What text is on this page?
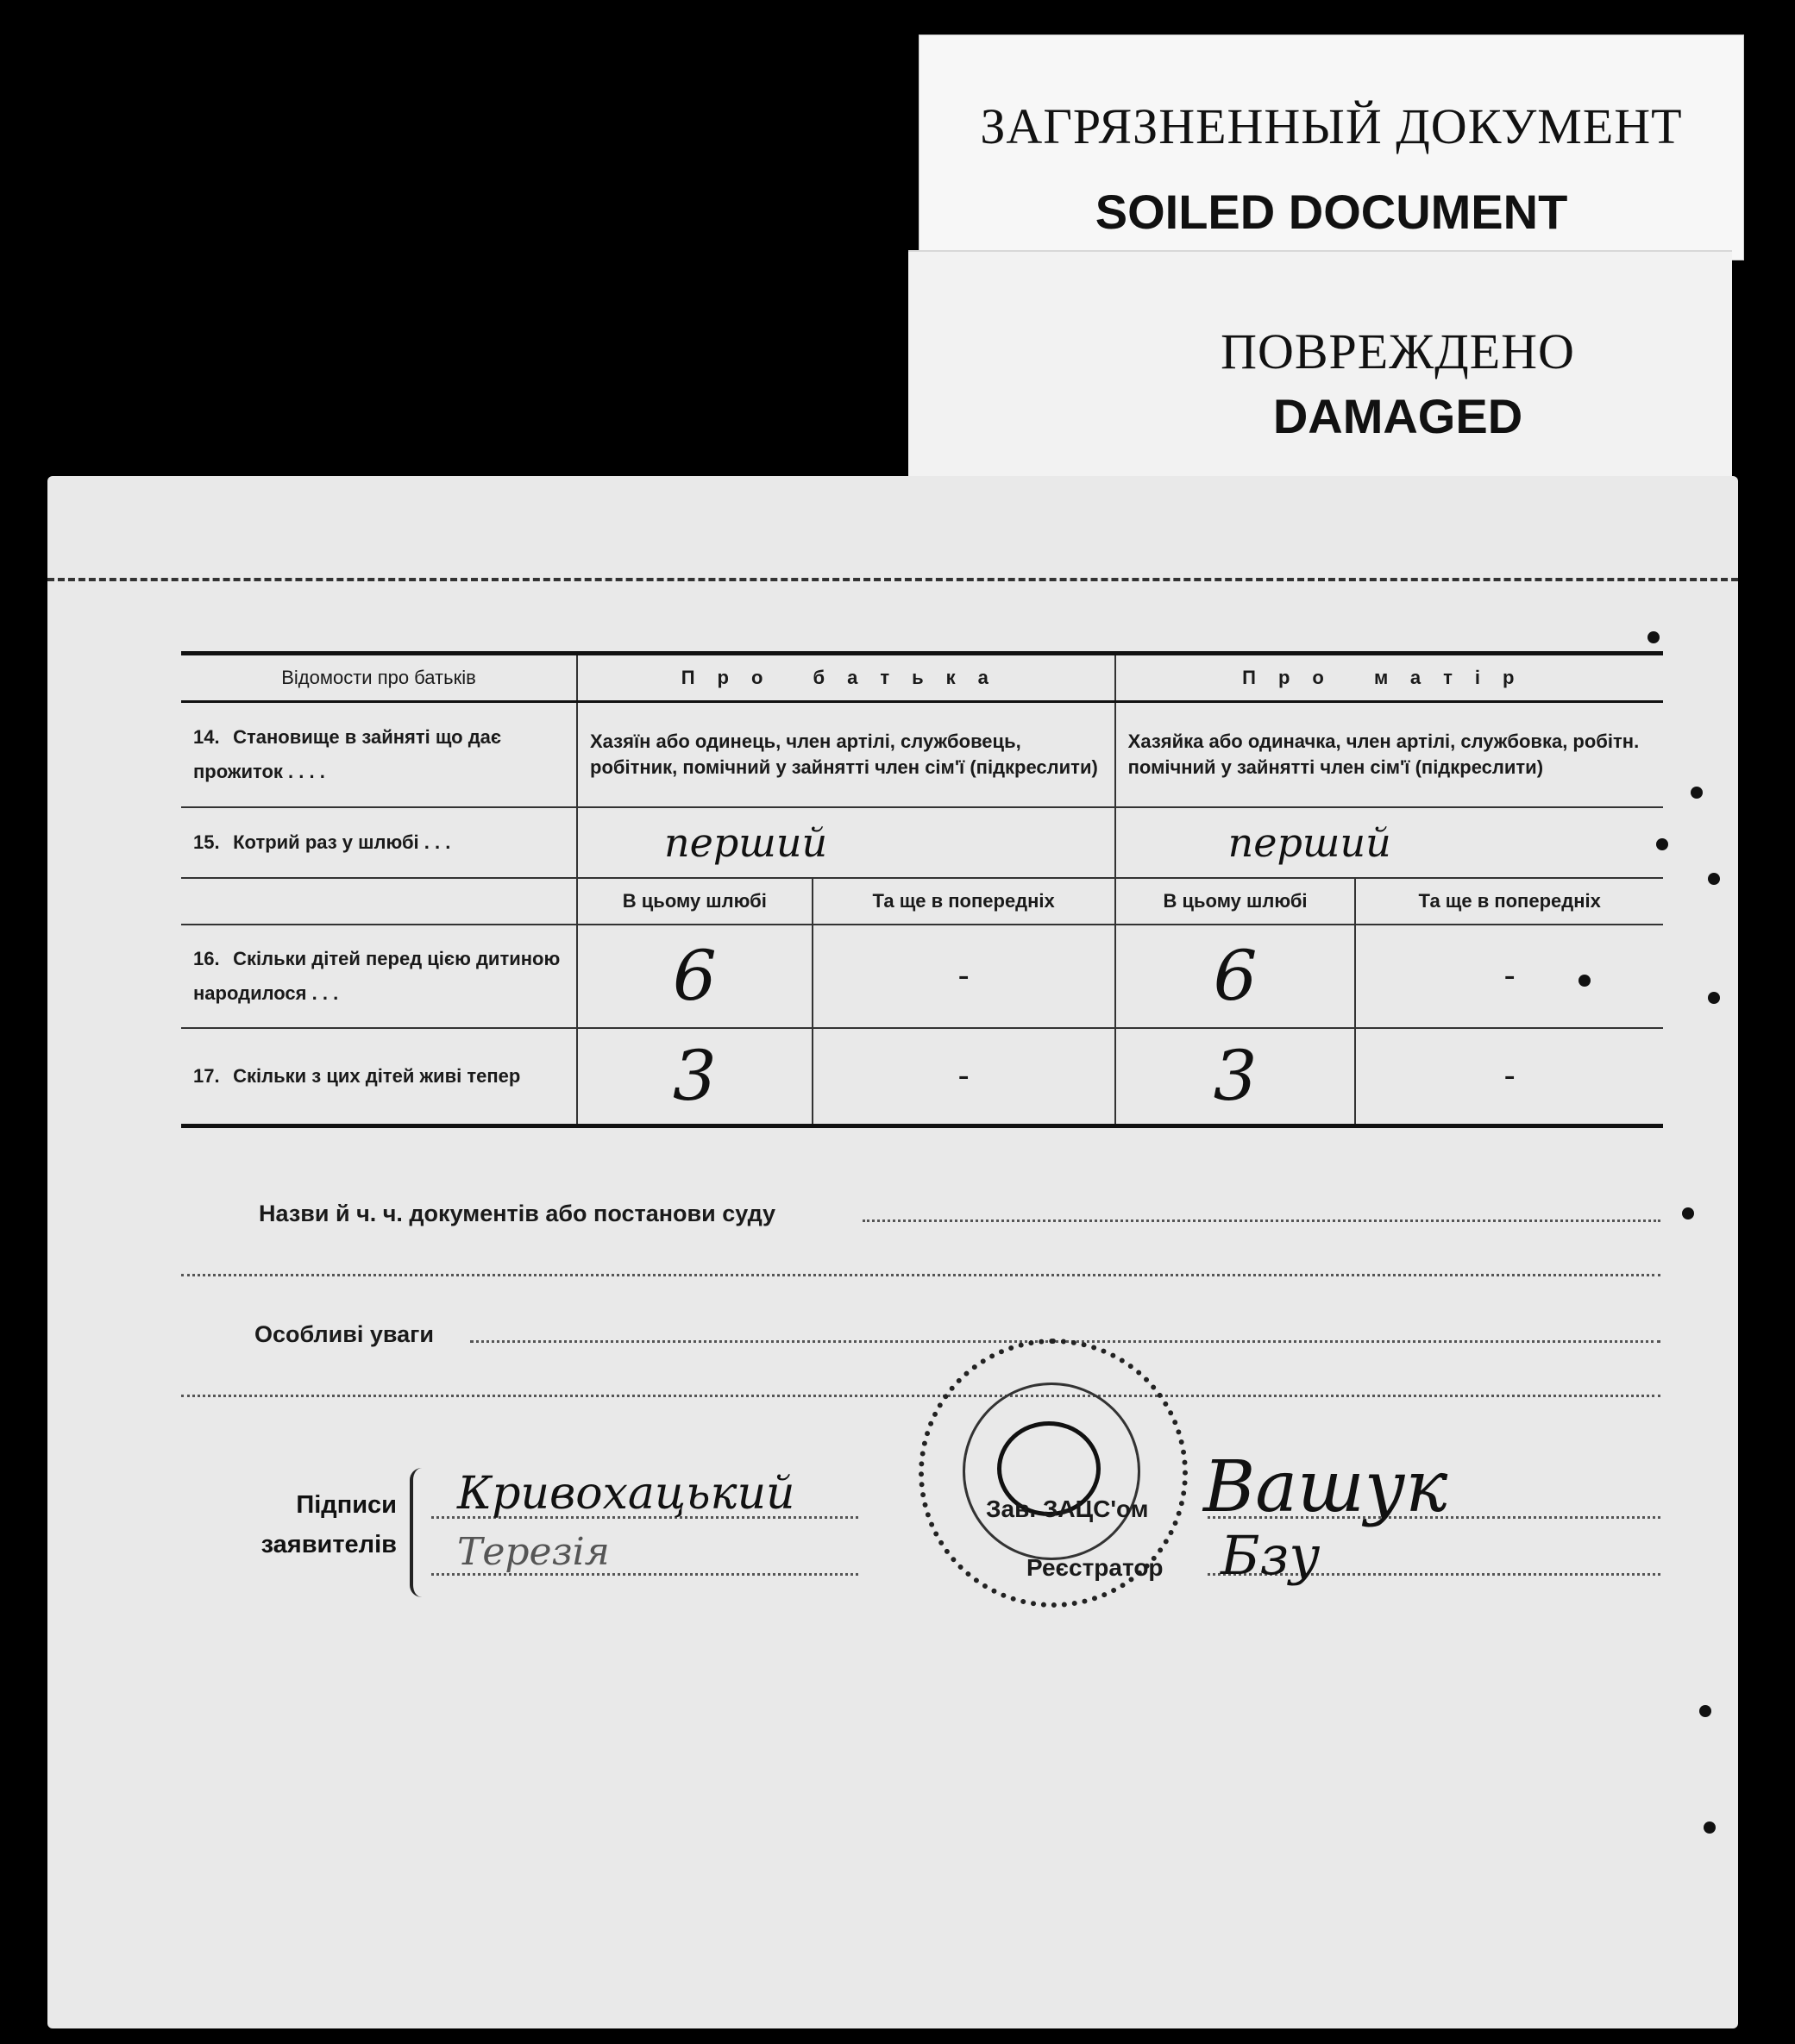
ЗАГРЯЗНЕННЫЙ ДОКУМЕНТ
SOILED DOCUMENT
ПОВРЕЖДЕНО
DAMAGED
Відомости про батьків	Про батька		Про матір	
14. Становище в зайняті що дає прожиток . . . .	Хазяїн або одинець, член артілі, службовець, робітник, помічний у зайнятті член сім'ї (підкреслити)		Хазяйка або одиначка, член артілі, службовка, робітн. помічний у зайнятті член сім'ї (підкреслити)	
15. Котрий раз у шлюбі . . .	перший		перший	
	В цьому шлюбі	Та ще в попередніх	В цьому шлюбі	Та ще в попередніх
16. Скільки дітей перед цією дитиною народилося . . .	6	-	6	-
17. Скільки з цих дітей живі тепер	3	-	3	-
Назви й ч. ч. документів або постанови суду
Особливі уваги
Підписи
заявителів
Кривохацький
Терезія
Зав. ЗАЦС'ом
Реєстратор
Вашук
Бзу
